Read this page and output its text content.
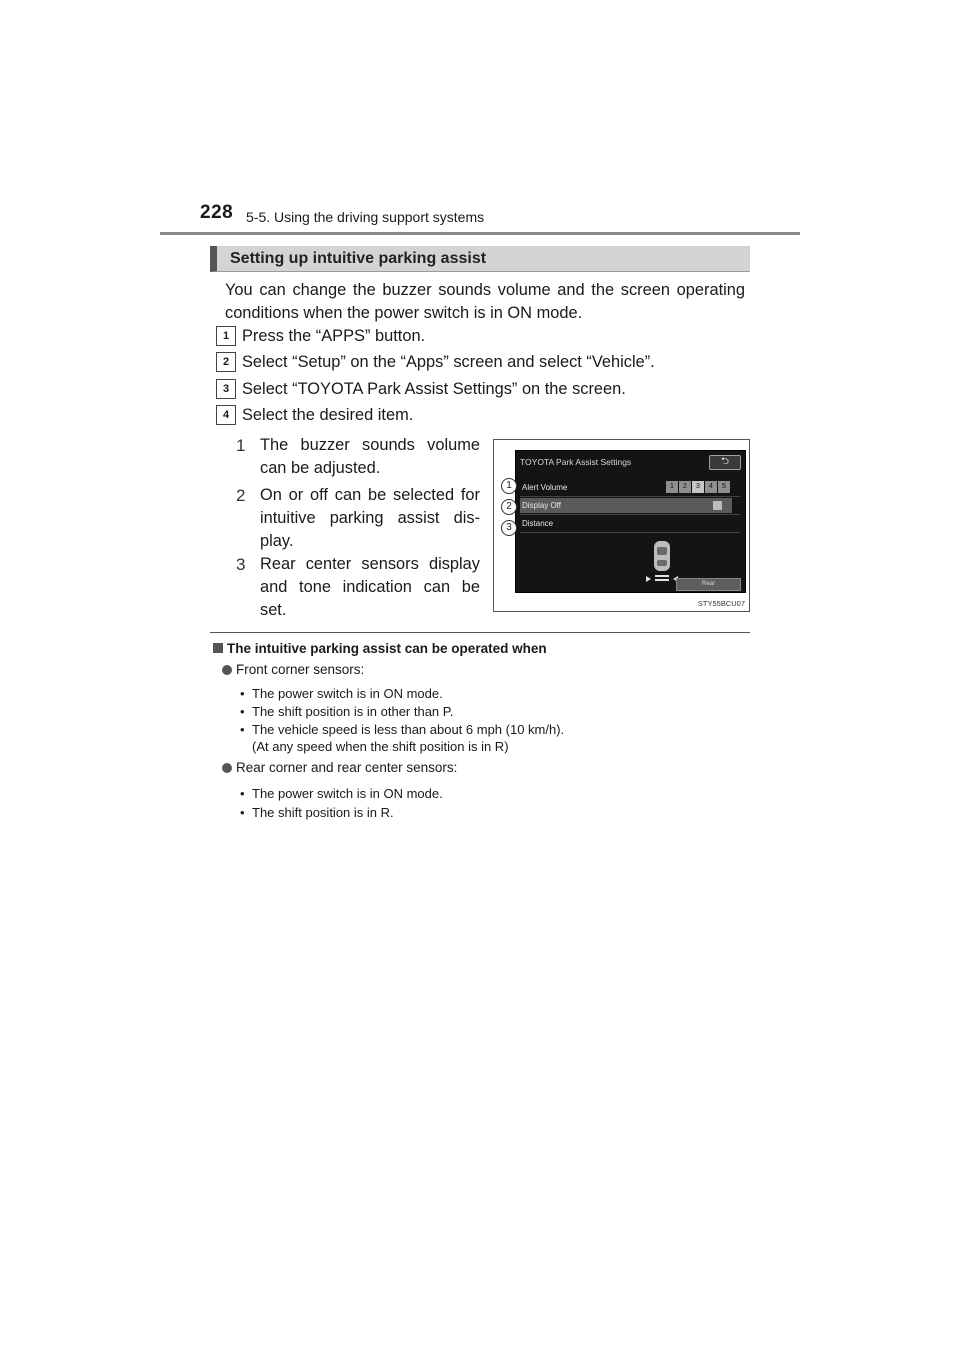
228 5-5. Using the driving support systems
Setting up intuitive parking assist
You can change the buzzer sounds volume and the screen operating conditions when the power switch is in ON mode.
1 Press the “APPS” button.
2 Select “Setup” on the “Apps” screen and select “Vehicle”.
3 Select “TOYOTA Park Assist Settings” on the screen.
4 Select the desired item.
1 The buzzer sounds volume can be adjusted.
2 On or off can be selected for intuitive parking assist dis-play.
3 Rear center sensors display and tone indication can be set.
TOYOTA Park Assist Settings	⮌
Alert Volume	1	2	3	4	5
Display Off
Distance
Rear
1
2
3
STY55BCU07
The intuitive parking assist can be operated when
Front corner sensors:
• The power switch is in ON mode.
• The shift position is in other than P.
• The vehicle speed is less than about 6 mph (10 km/h).
(At any speed when the shift position is in R)
Rear corner and rear center sensors:
• The power switch is in ON mode.
• The shift position is in R.
